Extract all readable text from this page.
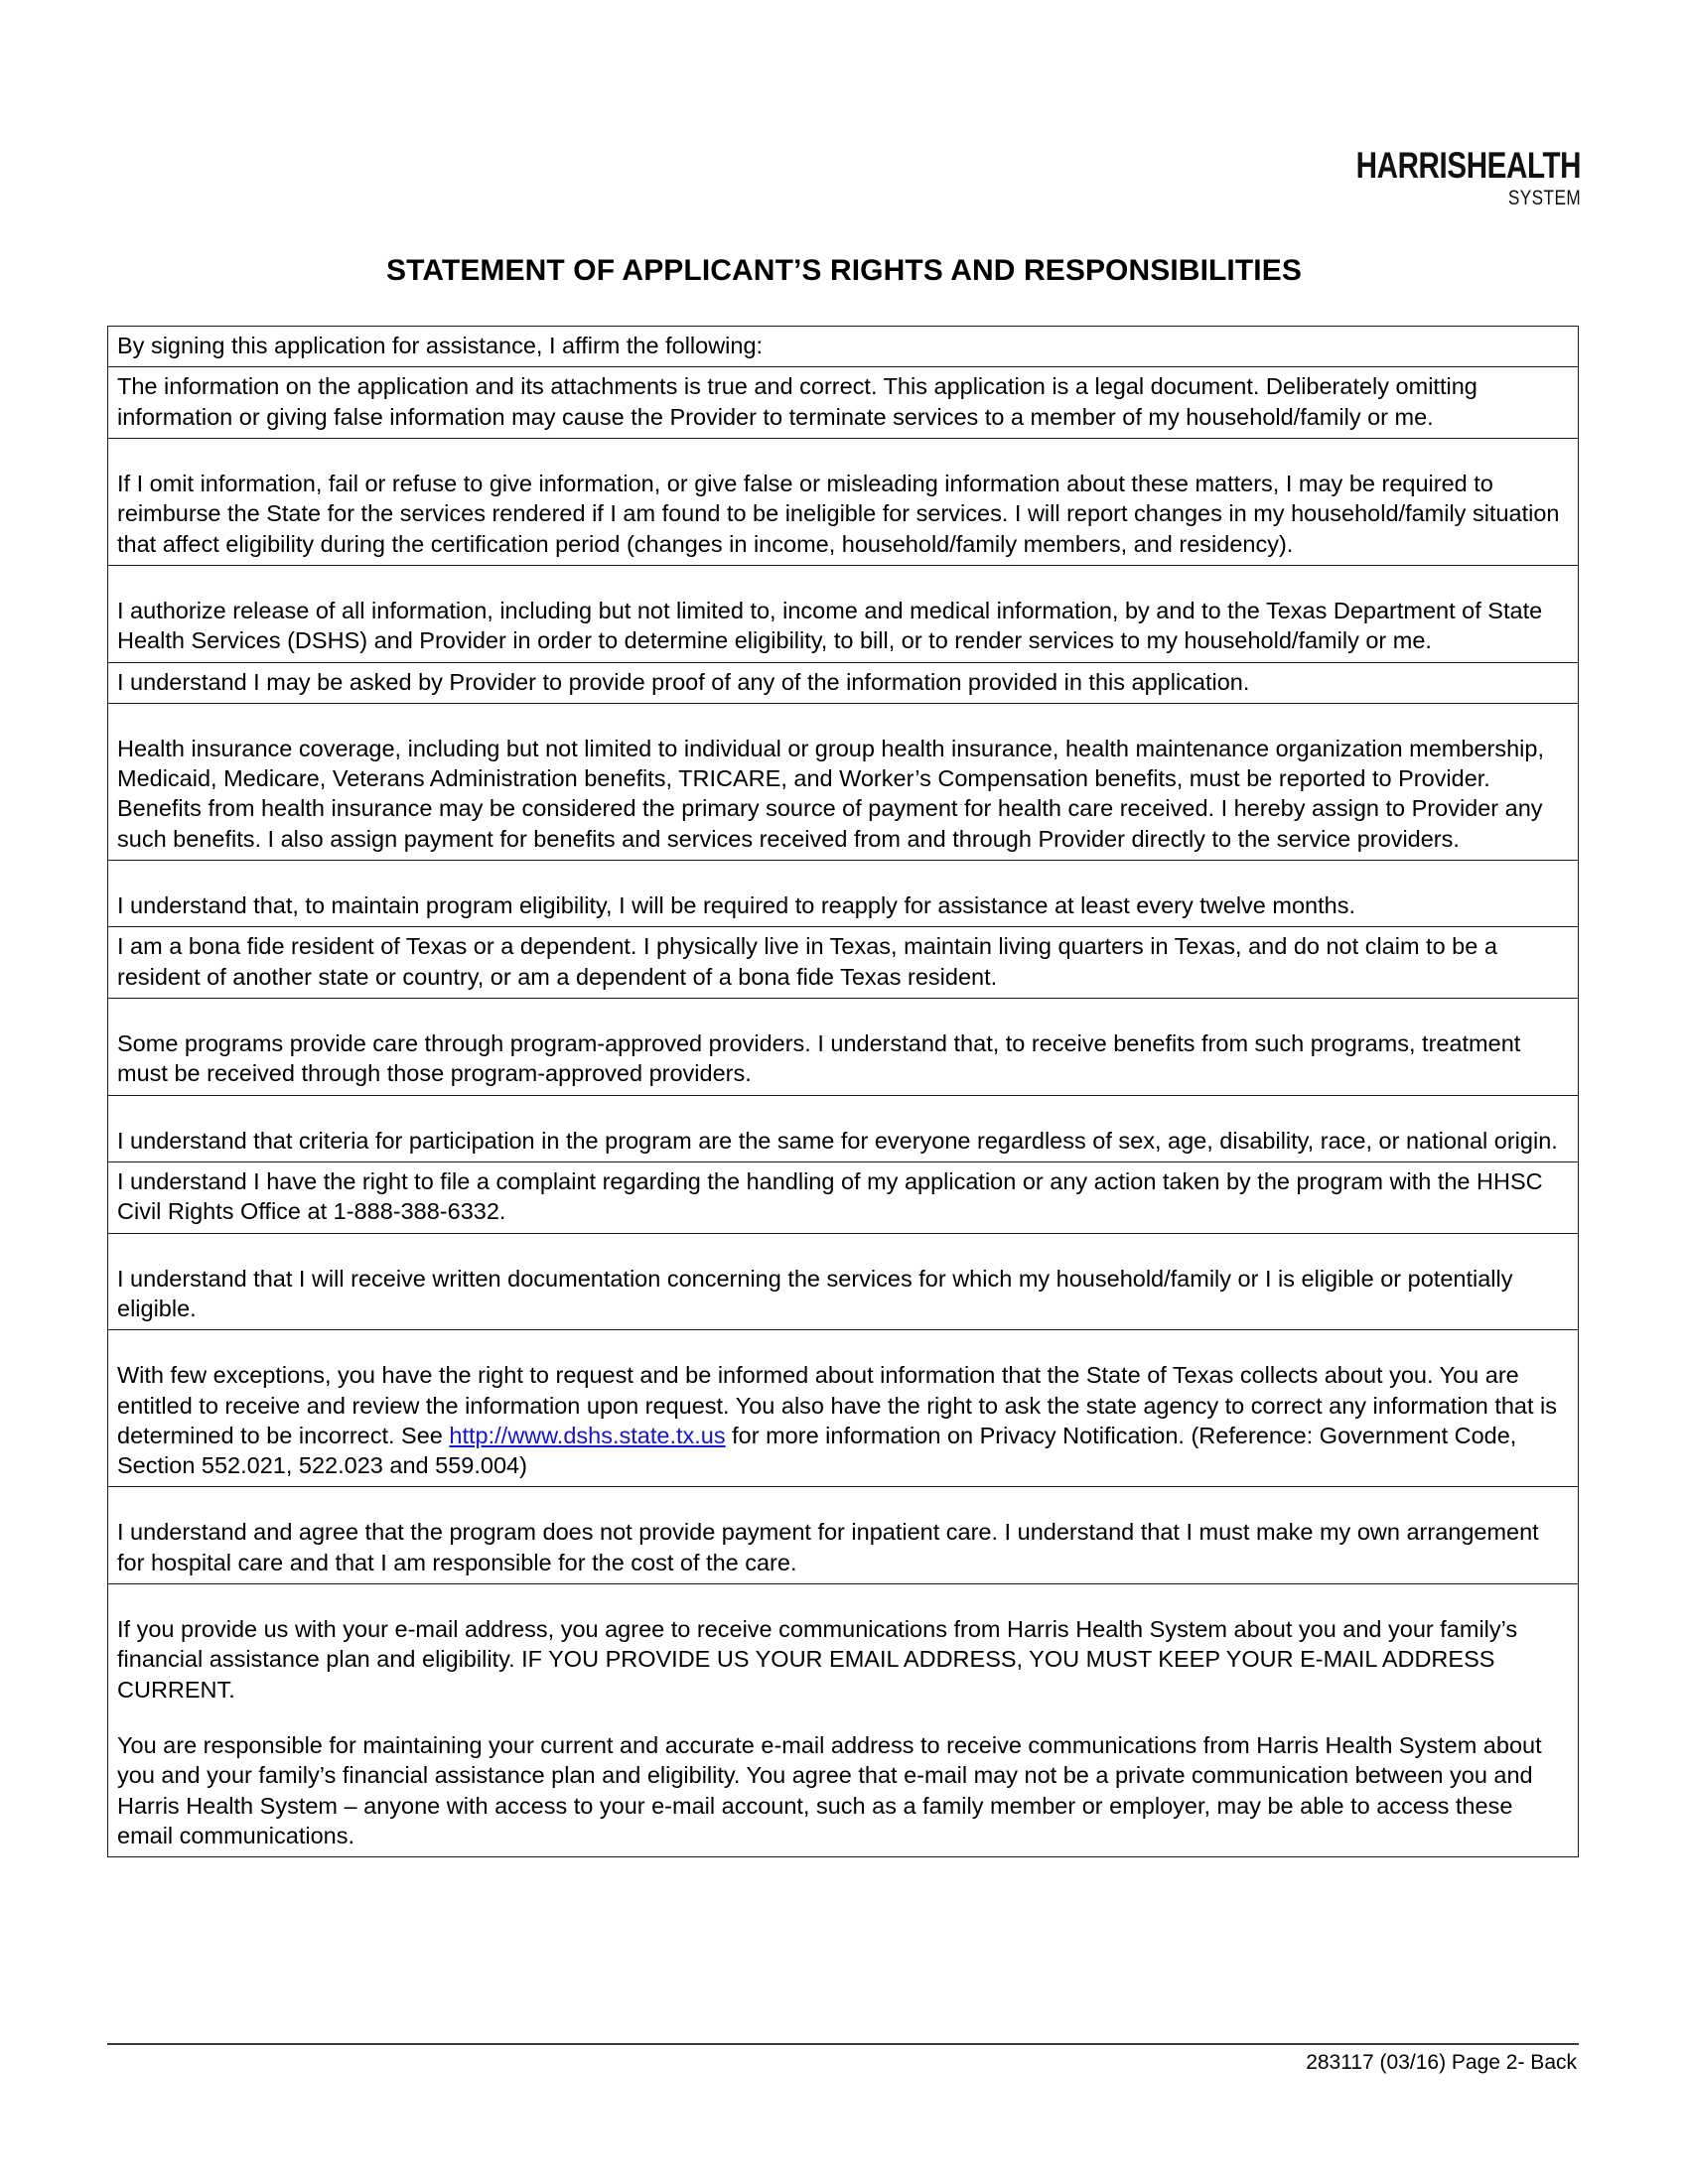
HARRISHEALTH
SYSTEM
STATEMENT OF APPLICANT’S RIGHTS AND RESPONSIBILITIES

By signing this application for assistance, I affirm the following:

The information on the application and its attachments is true and correct. This application is a legal document. Deliberately omitting information or giving false information may cause the Provider to terminate services to a member of my household/family or me.

If I omit information, fail or refuse to give information, or give false or misleading information about these matters, I may be required to reimburse the State for the services rendered if I am found to be ineligible for services. I will report changes in my household/family situation that affect eligibility during the certification period (changes in income, household/family members, and residency).

I authorize release of all information, including but not limited to, income and medical information, by and to the Texas Department of State Health Services (DSHS) and Provider in order to determine eligibility, to bill, or to render services to my household/family or me.

I understand I may be asked by Provider to provide proof of any of the information provided in this application.

Health insurance coverage, including but not limited to individual or group health insurance, health maintenance organization membership, Medicaid, Medicare, Veterans Administration benefits, TRICARE, and Worker’s Compensation benefits, must be reported to Provider. Benefits from health insurance may be considered the primary source of payment for health care received. I hereby assign to Provider any such benefits. I also assign payment for benefits and services received from and through Provider directly to the service providers.

I understand that, to maintain program eligibility, I will be required to reapply for assistance at least every twelve months.

I am a bona fide resident of Texas or a dependent. I physically live in Texas, maintain living quarters in Texas, and do not claim to be a resident of another state or country, or am a dependent of a bona fide Texas resident.

Some programs provide care through program-approved providers. I understand that, to receive benefits from such programs, treatment must be received through those program-approved providers.

I understand that criteria for participation in the program are the same for everyone regardless of sex, age, disability, race, or national origin.

I understand I have the right to file a complaint regarding the handling of my application or any action taken by the program with the HHSC Civil Rights Office at 1-888-388-6332.

I understand that I will receive written documentation concerning the services for which my household/family or I is eligible or potentially eligible.

With few exceptions, you have the right to request and be informed about information that the State of Texas collects about you. You are entitled to receive and review the information upon request. You also have the right to ask the state agency to correct any information that is determined to be incorrect. See http://www.dshs.state.tx.us for more information on Privacy Notification. (Reference: Government Code, Section 552.021, 522.023 and 559.004)

I understand and agree that the program does not provide payment for inpatient care. I understand that I must make my own arrangement for hospital care and that I am responsible for the cost of the care.

If you provide us with your e-mail address, you agree to receive communications from Harris Health System about you and your family’s financial assistance plan and eligibility. IF YOU PROVIDE US YOUR EMAIL ADDRESS, YOU MUST KEEP YOUR E-MAIL ADDRESS CURRENT.

You are responsible for maintaining your current and accurate e-mail address to receive communications from Harris Health System about you and your family’s financial assistance plan and eligibility. You agree that e-mail may not be a private communication between you and Harris Health System – anyone with access to your e-mail account, such as a family member or employer, may be able to access these email communications.

283117 (03/16) Page 2- Back
